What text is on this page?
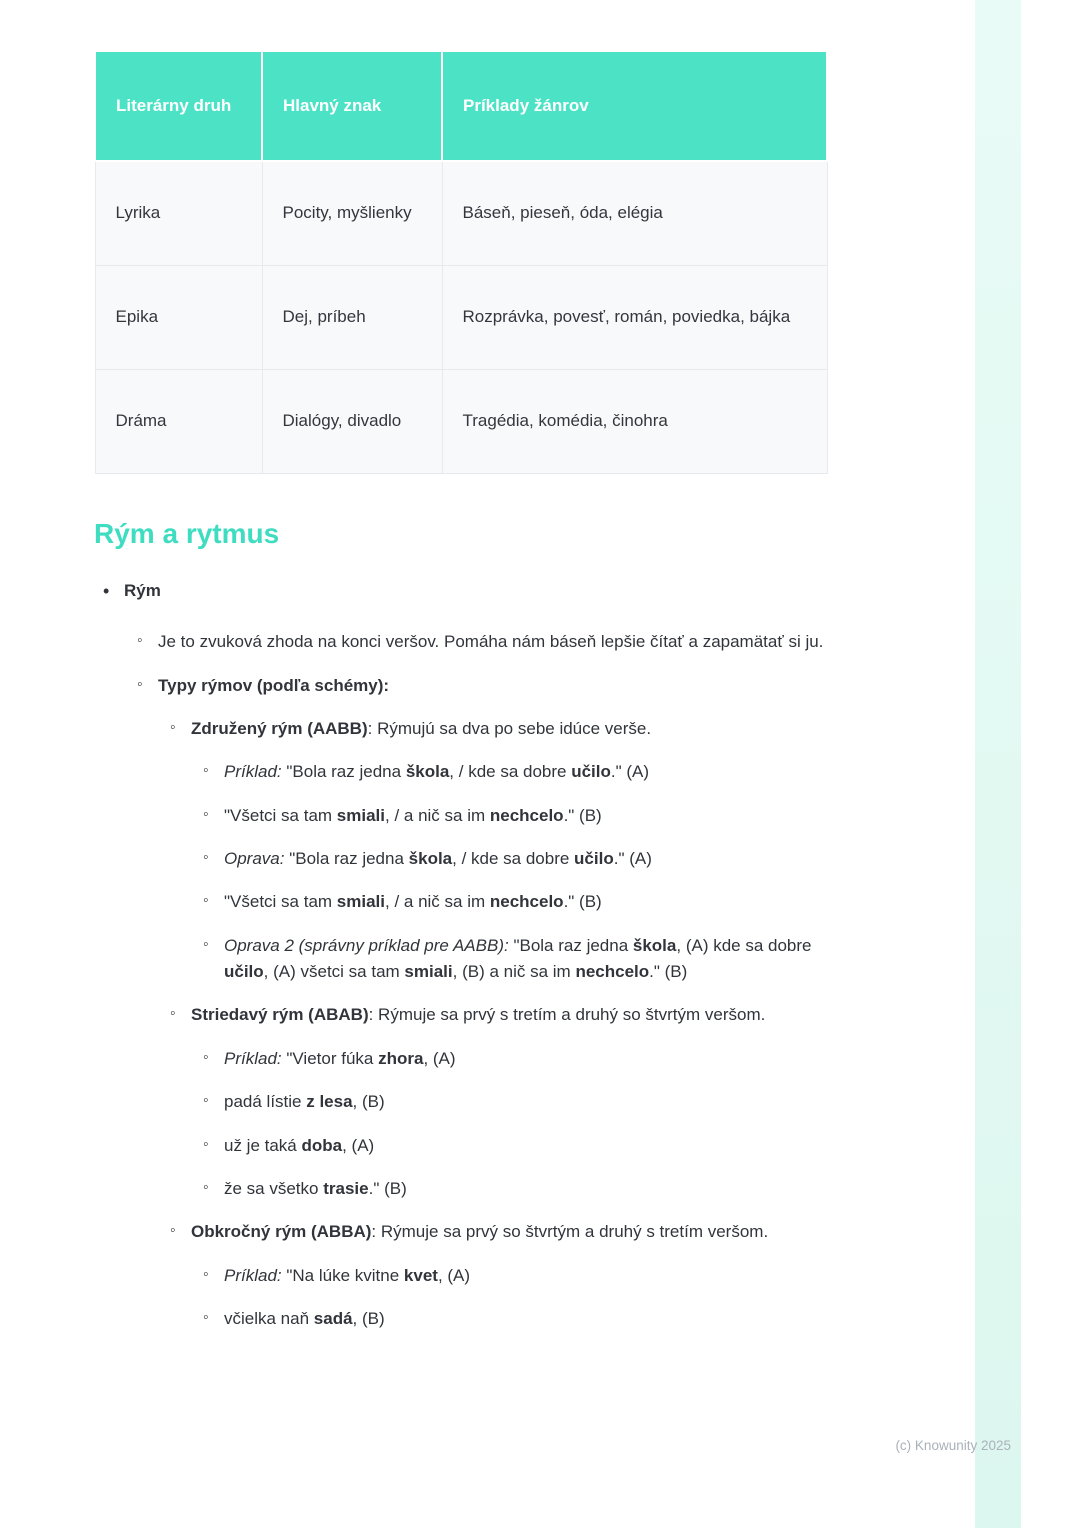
Literárny druh	Hlavný znak	Príklady žánrov
Lyrika	Pocity, myšlienky	Báseň, pieseň, óda, elégia
Epika	Dej, príbeh	Rozprávka, povesť, román, poviedka, bájka
Dráma	Dialógy, divadlo	Tragédia, komédia, činohra
Rým a rytmus
• Rým
◦ Je to zvuková zhoda na konci veršov. Pomáha nám báseň lepšie čítať a zapamätať si ju.
◦ Typy rýmov (podľa schémy):
◦ Združený rým (AABB): Rýmujú sa dva po sebe idúce verše.
◦ Príklad: "Bola raz jedna škola, / kde sa dobre učilo." (A)
◦ "Všetci sa tam smiali, / a nič sa im nechcelo." (B)
◦ Oprava: "Bola raz jedna škola, / kde sa dobre učilo." (A)
◦ "Všetci sa tam smiali, / a nič sa im nechcelo." (B)
◦ Oprava 2 (správny príklad pre AABB): "Bola raz jedna škola, (A) kde sa dobre učilo, (A) všetci sa tam smiali, (B) a nič sa im nechcelo." (B)
◦ Striedavý rým (ABAB): Rýmuje sa prvý s tretím a druhý so štvrtým veršom.
◦ Príklad: "Vietor fúka zhora, (A)
◦ padá lístie z lesa, (B)
◦ už je taká doba, (A)
◦ že sa všetko trasie." (B)
◦ Obkročný rým (ABBA): Rýmuje sa prvý so štvrtým a druhý s tretím veršom.
◦ Príklad: "Na lúke kvitne kvet, (A)
◦ včielka naň sadá, (B)
(c) Knowunity 2025
